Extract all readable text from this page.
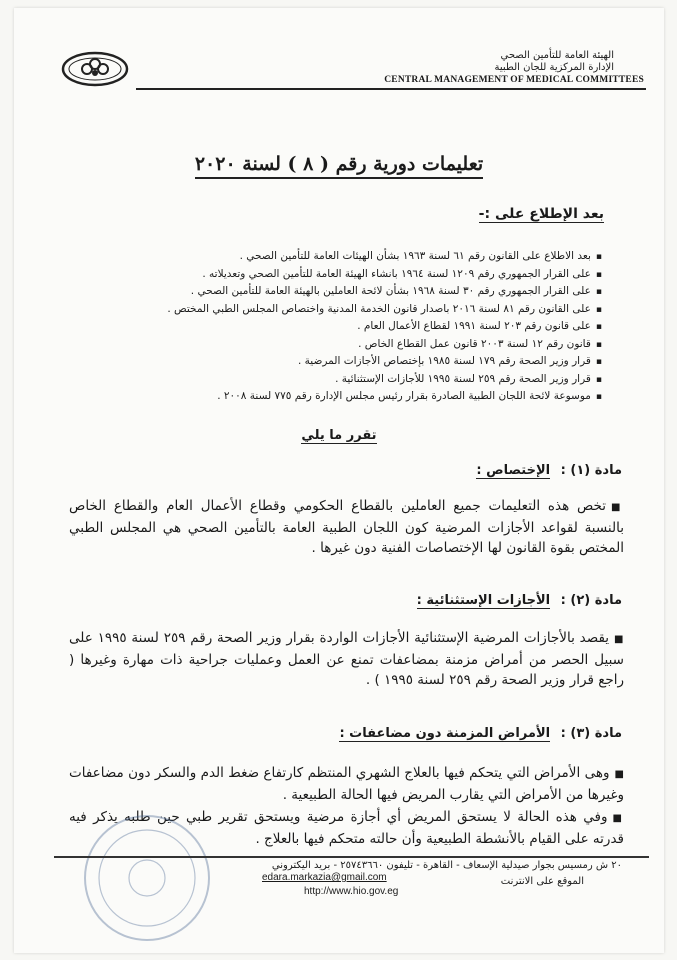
الهيئة العامة للتأمين الصحي
الإدارة المركزية للجان الطبية
CENTRAL MANAGEMENT OF MEDICAL COMMITTEES
تعليمات دورية رقم ( ٨ ) لسنة ٢٠٢٠
بعد الإطلاع على :-
▪ بعد الاطلاع على القانون رقم ٦١ لسنة ١٩٦٣ بشأن الهيئات العامة للتأمين الصحي .
▪ على القرار الجمهوري رقم ١٢٠٩ لسنة ١٩٦٤ بانشاء الهيئة العامة للتأمين الصحي وتعديلاته .
▪ على القرار الجمهوري رقم ٣٠ لسنة ١٩٦٨ بشأن لائحة العاملين بالهيئة العامة للتأمين الصحي .
▪ على القانون رقم ٨١ لسنة ٢٠١٦ باصدار قانون الخدمة المدنية واختصاص المجلس الطبي المختص .
▪ على قانون رقم ٢٠٣ لسنة ١٩٩١ لقطاع الأعمال العام .
▪ قانون رقم ١٢ لسنة ٢٠٠٣ قانون عمل القطاع الخاص .
▪ قرار وزير الصحة رقم ١٧٩ لسنة ١٩٨٥ بإختصاص الأجازات المرضية .
▪ قرار وزير الصحة رقم ٢٥٩ لسنة ١٩٩٥ للأجازات الإستثنائية .
▪ موسوعة لائحة اللجان الطبية الصادرة بقرار رئيس مجلس الإدارة رقم ٧٧٥ لسنة ٢٠٠٨ .
تقرر ما يلي
مادة (١) : الإختصاص :

■تخص هذه التعليمات جميع العاملين بالقطاع الحكومي وقطاع الأعمال العام والقطاع الخاص بالنسبة لقواعد الأجازات المرضية كون اللجان الطبية العامة بالتأمين الصحي هي المجلس الطبي المختص بقوة القانون لها الإختصاصات الفنية دون غيرها .

مادة (٢) : الأجازات الإستثنائية :

■يقصد بالأجازات المرضية الإستثنائية الأجازات الواردة بقرار وزير الصحة رقم ٢٥٩ لسنة ١٩٩٥ على سبيل الحصر من أمراض مزمنة بمضاعفات تمنع عن العمل وعمليات جراحية ذات مهارة وغيرها ( راجع قرار وزير الصحة رقم ٢٥٩ لسنة ١٩٩٥ ) .

مادة (٣) : الأمراض المزمنة دون مضاعفات :

■وهى الأمراض التي يتحكم فيها بالعلاج الشهري المنتظم كارتفاع ضغط الدم والسكر دون مضاعفات وغيرها من الأمراض التي يقارب المريض فيها الحالة الطبيعية .

■وفي هذه الحالة لا يستحق المريض أي أجازة مرضية ويستحق تقرير طبي حين طلبه يذكر فيه قدرته على القيام بالأنشطة الطبيعية وأن حالته متحكم فيها بالعلاج .

٢٠ ش رمسيس بجوار صيدلية الإسعاف - القاهرة - تليفون ٢٥٧٤٣٦٦٠ - بريد اليكتروني
الموقع على الانترنت
edara.markazia@gmail.com
http://www.hio.gov.eg
